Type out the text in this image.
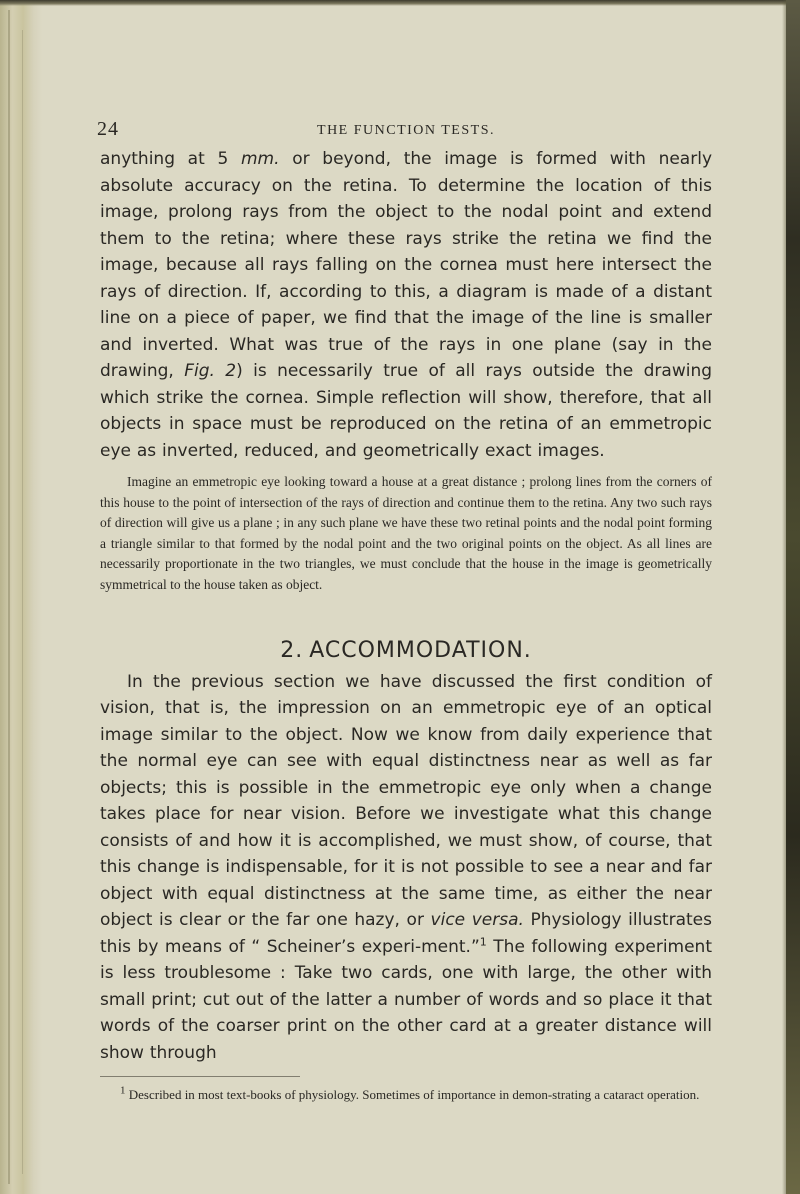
24	THE FUNCTION TESTS.

anything at 5 mm. or beyond, the image is formed with nearly absolute accuracy on the retina. To determine the location of this image, prolong rays from the object to the nodal point and extend them to the retina; where these rays strike the retina we find the image, because all rays falling on the cornea must here intersect the rays of direction. If, according to this, a diagram is made of a distant line on a piece of paper, we find that the image of the line is smaller and inverted. What was true of the rays in one plane (say in the drawing, Fig. 2) is necessarily true of all rays outside the drawing which strike the cornea. Simple reflection will show, therefore, that all objects in space must be reproduced on the retina of an emmetropic eye as inverted, reduced, and geometrically exact images.

Imagine an emmetropic eye looking toward a house at a great distance ; prolong lines from the corners of this house to the point of intersection of the rays of direction and continue them to the retina. Any two such rays of direction will give us a plane ; in any such plane we have these two retinal points and the nodal point forming a triangle similar to that formed by the nodal point and the two original points on the object. As all lines are necessarily proportionate in the two triangles, we must conclude that the house in the image is geometrically symmetrical to the house taken as object.

2. ACCOMMODATION.

In the previous section we have discussed the first condition of vision, that is, the impression on an emmetropic eye of an optical image similar to the object. Now we know from daily experience that the normal eye can see with equal distinctness near as well as far objects; this is possible in the emmetropic eye only when a change takes place for near vision. Before we investigate what this change consists of and how it is accomplished, we must show, of course, that this change is indispensable, for it is not possible to see a near and far object with equal distinctness at the same time, as either the near object is clear or the far one hazy, or vice versa. Physiology illustrates this by means of “ Scheiner’s experi-ment.”$^1$ The following experiment is less troublesome : Take two cards, one with large, the other with small print; cut out of the latter a number of words and so place it that words of the coarser print on the other card at a greater distance will show through

$^1$ Described in most text-books of physiology. Sometimes of importance in demon-strating a cataract operation.
